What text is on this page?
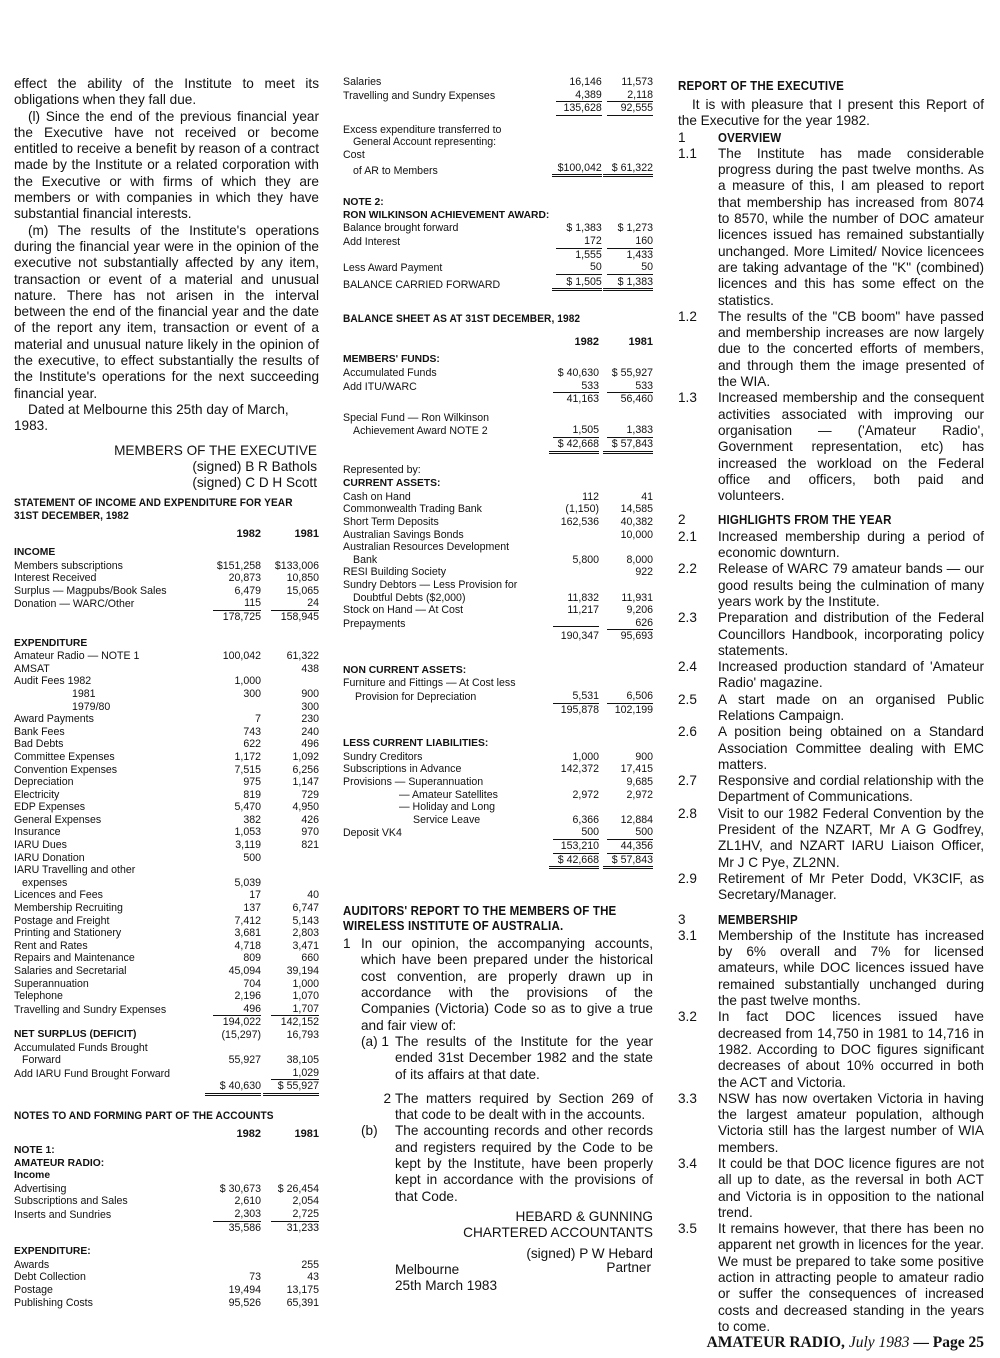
effect the ability of the Institute to meet its obligations when they fall due.

(l) Since the end of the previous financial year the Executive have not received or become entitled to receive a benefit by reason of a contract made by the Institute or a related corporation with the Executive or with firms of which they are members or with companies in which they have substantial financial interests.

(m) The results of the Institute's operations during the financial year were in the opinion of the executive not substantially affected by any item, transaction or event of a material and unusual nature. There has not arisen in the interval between the end of the financial year and the date of the report any item, transaction or event of a material and unusual nature likely in the opinion of the executive, to effect substantially the results of the Institute's operations for the next succeeding financial year.

Dated at Melbourne this 25th day of March, 1983.

MEMBERS OF THE EXECUTIVE
(signed) B R Bathols
(signed) C D H Scott
STATEMENT OF INCOME AND EXPENDITURE FOR YEAR
31ST DECEMBER, 1982
	1982	1981
INCOME		
Members subscriptions	$151,258	$133,006
Interest Received	20,873	10,850
Surplus — Magpubs/Book Sales	6,479	15,065
Donation — WARC/Other	115	24
	178,725	158,945
EXPENDITURE		
Amateur Radio — NOTE 1	100,042	61,322
AMSAT		438
Audit Fees 1982	1,000	
1981	300	900
1979/80		300
Award Payments	7	230
Bank Fees	743	240
Bad Debts	622	496
Committee Expenses	1,172	1,092
Convention Expenses	7,515	6,256
Depreciation	975	1,147
Electricity	819	729
EDP Expenses	5,470	4,950
General Expenses	382	426
Insurance	1,053	970
IARU Dues	3,119	821
IARU Donation	500	
IARU Travelling and other		
expenses	5,039	
Licences and Fees	17	40
Membership Recruiting	137	6,747
Postage and Freight	7,412	5,143
Printing and Stationery	3,681	2,803
Rent and Rates	4,718	3,471
Repairs and Maintenance	809	660
Salaries and Secretarial	45,094	39,194
Superannuation	704	1,000
Telephone	2,196	1,070
Travelling and Sundry Expenses	496	1,707
	194,022	142,152
NET SURPLUS (DEFICIT)	(15,297)	16,793
Accumulated Funds Brought		
Forward	55,927	38,105
Add IARU Fund Brought Forward		1,029
	$ 40,630	$ 55,927
NOTES TO AND FORMING PART OF THE ACCOUNTS
	1982	1981
NOTE 1:		
AMATEUR RADIO:		
Income		
Advertising	$ 30,673	$ 26,454
Subscriptions and Sales	2,610	2,054
Inserts and Sundries	2,303	2,725
	35,586	31,233
EXPENDITURE:		
Awards		255
Debt Collection	73	43
Postage	19,494	13,175
Publishing Costs	95,526	65,391
Salaries	16,146	11,573
Travelling and Sundry Expenses	4,389	2,118
	135,628	92,555
Excess expenditure transferred to		
General Account representing:		
Cost		
of AR to Members	$100,042	$ 61,322
NOTE 2:		
RON WILKINSON ACHIEVEMENT AWARD:		
Balance brought forward	$ 1,383	$ 1,273
Add Interest	172	160
	1,555	1,433
Less Award Payment	50	50
BALANCE CARRIED FORWARD	$ 1,505	$ 1,383
BALANCE SHEET AS AT 31ST DECEMBER, 1982
	1982	1981
MEMBERS' FUNDS:		
Accumulated Funds	$ 40,630	$ 55,927
Add ITU/WARC	533	533
	41,163	56,460
Special Fund — Ron Wilkinson		
Achievement Award NOTE 2	1,505	1,383
	$ 42,668	$ 57,843
Represented by:		
CURRENT ASSETS:		
Cash on Hand	112	41
Commonwealth Trading Bank	(1,150)	14,585
Short Term Deposits	162,536	40,382
Australian Savings Bonds		10,000
Australian Resources Development		
Bank	5,800	8,000
RESI Building Society		922
Sundry Debtors — Less Provision for		
Doubtful Debts ($2,000)	11,832	11,931
Stock on Hand — At Cost	11,217	9,206
Prepayments		626
	190,347	95,693
NON CURRENT ASSETS:		
Furniture and Fittings — At Cost less		
Provision for Depreciation	5,531	6,506
	195,878	102,199
LESS CURRENT LIABILITIES:		
Sundry Creditors	1,000	900
Subscriptions in Advance	142,372	17,415
Provisions — Superannuation		9,685
— Amateur Satellites	2,972	2,972
— Holiday and Long		
Service Leave	6,366	12,884
Deposit VK4	500	500
	153,210	44,356
	$ 42,668	$ 57,843
AUDITORS' REPORT TO THE MEMBERS OF THE
WIRELESS INSTITUTE OF AUSTRALIA.
1 In our opinion, the accompanying accounts, which have been prepared under the historical cost convention, are properly drawn up in accordance with the provisions of the Companies (Victoria) Code so as to give a true and fair view of:
(a) 1 The results of the Institute for the year ended 31st December 1982 and the state of its affairs at that date.
2 The matters required by Section 269 of that code to be dealt with in the accounts.
(b)	The accounting records and other records and registers required by the Code to be kept by the Institute, have been properly kept in accordance with the provisions of that Code.
HEBARD & GUNNING
CHARTERED ACCOUNTANTS
(signed) P W Hebard
Melbourne	Partner
25th March 1983
REPORT OF THE EXECUTIVE

It is with pleasure that I present this Report of the Executive for the year 1982.

1	OVERVIEW
1.1	The Institute has made considerable progress during the past twelve months. As a measure of this, I am pleased to report that membership has increased from 8074 to 8570, while the number of DOC amateur licences issued has remained substantially unchanged. More Limited/ Novice licencees are taking advantage of the "K" (combined) licences and this has some effect on the statistics.
1.2	The results of the "CB boom" have passed and membership increases are now largely due to the concerted efforts of members, and through them the image presented of the WIA.
1.3	Increased membership and the consequent activities associated with improving our organisation — ('Amateur Radio', Government representation, etc) has increased the workload on the Federal office and officers, both paid and volunteers.
2	HIGHLIGHTS FROM THE YEAR
2.1	Increased membership during a period of economic downturn.
2.2	Release of WARC 79 amateur bands — our good results being the culmination of many years work by the Institute.
2.3	Preparation and distribution of the Federal Councillors Handbook, incorporating policy statements.
2.4	Increased production standard of 'Amateur Radio' magazine.
2.5	A start made on an organised Public Relations Campaign.
2.6	A position being obtained on a Standard Association Committee dealing with EMC matters.
2.7	Responsive and cordial relationship with the Department of Communications.
2.8	Visit to our 1982 Federal Convention by the President of the NZART, Mr A G Godfrey, ZL1HV, and NZART IARU Liaison Officer, Mr J C Pye, ZL2NN.
2.9	Retirement of Mr Peter Dodd, VK3CIF, as Secretary/Manager.
3	MEMBERSHIP
3.1	Membership of the Institute has increased by 6% overall and 7% for licensed amateurs, while DOC licences issued have remained substantially unchanged during the past twelve months.
3.2	In fact DOC licences issued have decreased from 14,750 in 1981 to 14,716 in 1982. According to DOC figures significant decreases of about 10% occurred in both the ACT and Victoria.
3.3	NSW has now overtaken Victoria in having the largest amateur population, although Victoria still has the largest number of WIA members.
3.4	It could be that DOC licence figures are not all up to date, as the reversal in both ACT and Victoria is in opposition to the national trend.
3.5	It remains however, that there has been no apparent net growth in licences for the year. We must be prepared to take some positive action in attracting people to amateur radio or suffer the consequences of increased costs and decreased standing in the years to come.
AMATEUR RADIO, July 1983 — Page 25
